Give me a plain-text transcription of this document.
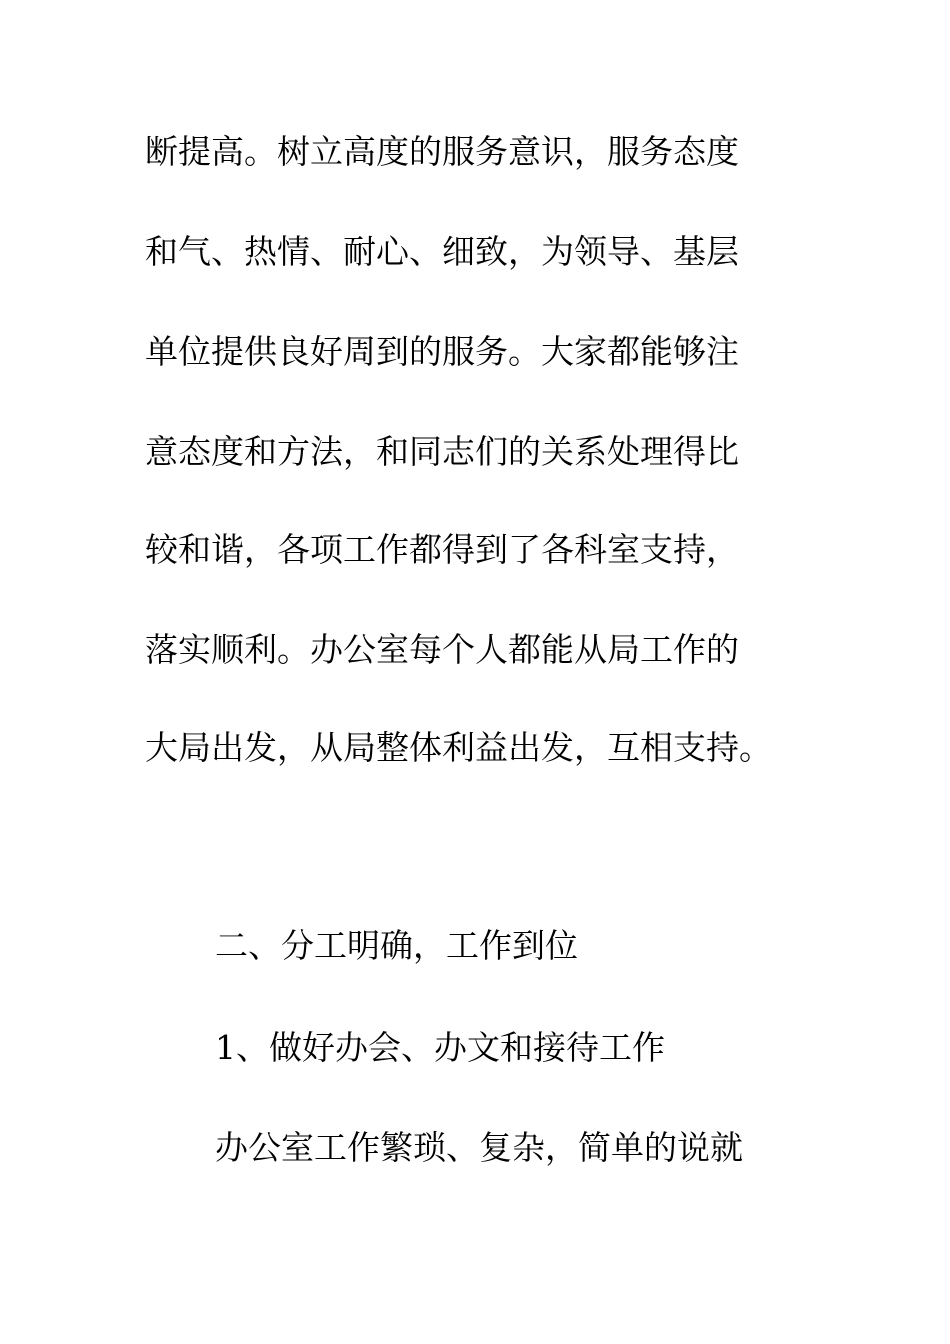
断提高。树立高度的服务意识，服务态度
和气、热情、耐心、细致，为领导、基层
单位提供良好周到的服务。大家都能够注
意态度和方法，和同志们的关系处理得比
较和谐，各项工作都得到了各科室支持，
落实顺利。办公室每个人都能从局工作的
大局出发，从局整体利益出发，互相支持。
二、分工明确，工作到位
1、做好办会、办文和接待工作
办公室工作繁琐、复杂，简单的说就
